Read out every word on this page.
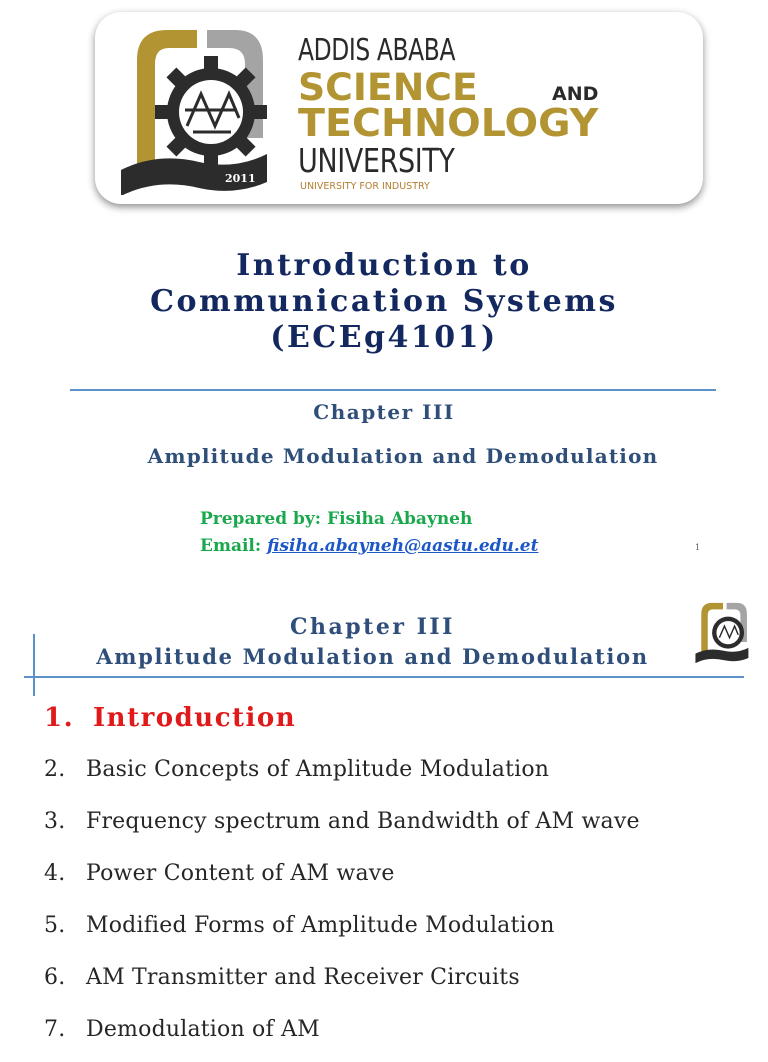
2011
ADDIS ABABA
SCIENCE	AND
TECHNOLOGY
UNIVERSITY
UNIVERSITY FOR INDUSTRY
Introduction to
Communication Systems
(ECEg4101)
Chapter III
Amplitude Modulation and Demodulation
Prepared by: Fisiha Abayneh
Email: fisiha.abayneh@aastu.edu.et	1
Chapter III
Amplitude Modulation and Demodulation
1. Introduction
2. Basic Concepts of Amplitude Modulation
3. Frequency spectrum and Bandwidth of AM wave
4. Power Content of AM wave
5. Modified Forms of Amplitude Modulation
6. AM Transmitter and Receiver Circuits
7. Demodulation of AM
